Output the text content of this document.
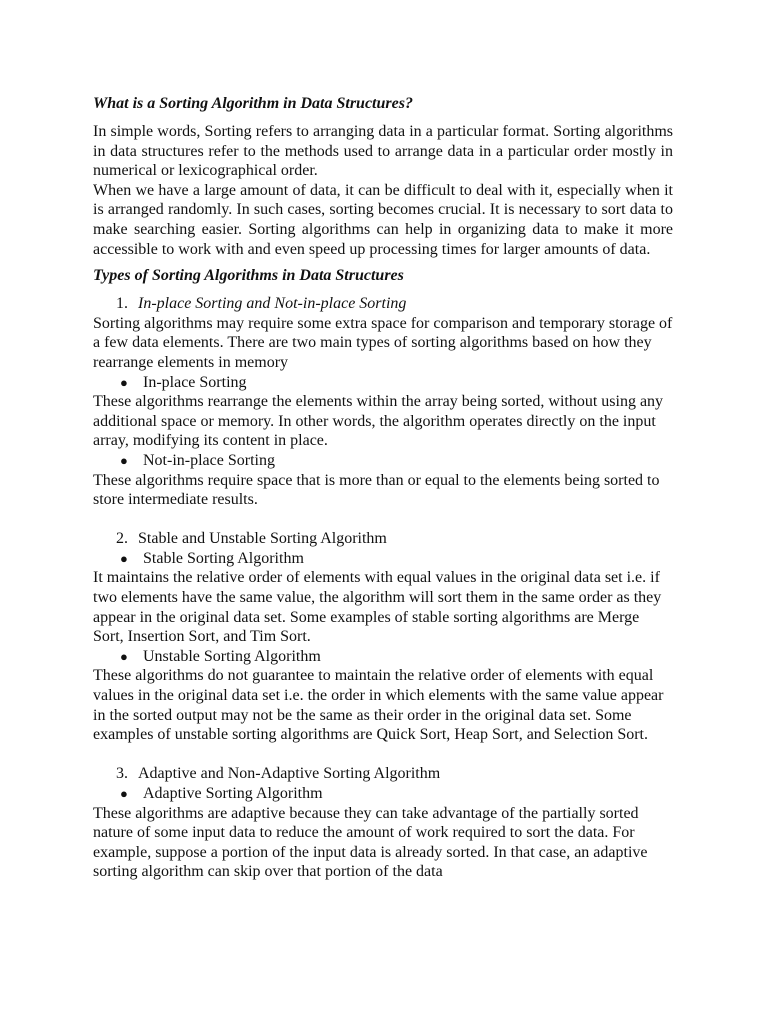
What is a Sorting Algorithm in Data Structures?

In simple words, Sorting refers to arranging data in a particular format. Sorting algorithms in data structures refer to the methods used to arrange data in a particular order mostly in numerical or lexicographical order.

When we have a large amount of data, it can be difficult to deal with it, especially when it is arranged randomly. In such cases, sorting becomes crucial. It is necessary to sort data to make searching easier. Sorting algorithms can help in organizing data to make it more accessible to work with and even speed up processing times for larger amounts of data.

Types of Sorting Algorithms in Data Structures

1. In-place Sorting and Not-in-place Sorting

Sorting algorithms may require some extra space for comparison and temporary storage of a few data elements. There are two main types of sorting algorithms based on how they rearrange elements in memory

● In-place Sorting

These algorithms rearrange the elements within the array being sorted, without using any additional space or memory. In other words, the algorithm operates directly on the input array, modifying its content in place.

● Not-in-place Sorting

These algorithms require space that is more than or equal to the elements being sorted to store intermediate results.

2. Stable and Unstable Sorting Algorithm

● Stable Sorting Algorithm

It maintains the relative order of elements with equal values in the original data set i.e. if two elements have the same value, the algorithm will sort them in the same order as they appear in the original data set. Some examples of stable sorting algorithms are Merge Sort, Insertion Sort, and Tim Sort.

● Unstable Sorting Algorithm

These algorithms do not guarantee to maintain the relative order of elements with equal values in the original data set i.e. the order in which elements with the same value appear in the sorted output may not be the same as their order in the original data set. Some examples of unstable sorting algorithms are Quick Sort, Heap Sort, and Selection Sort.

3. Adaptive and Non-Adaptive Sorting Algorithm

● Adaptive Sorting Algorithm

These algorithms are adaptive because they can take advantage of the partially sorted nature of some input data to reduce the amount of work required to sort the data. For example, suppose a portion of the input data is already sorted. In that case, an adaptive sorting algorithm can skip over that portion of the data
